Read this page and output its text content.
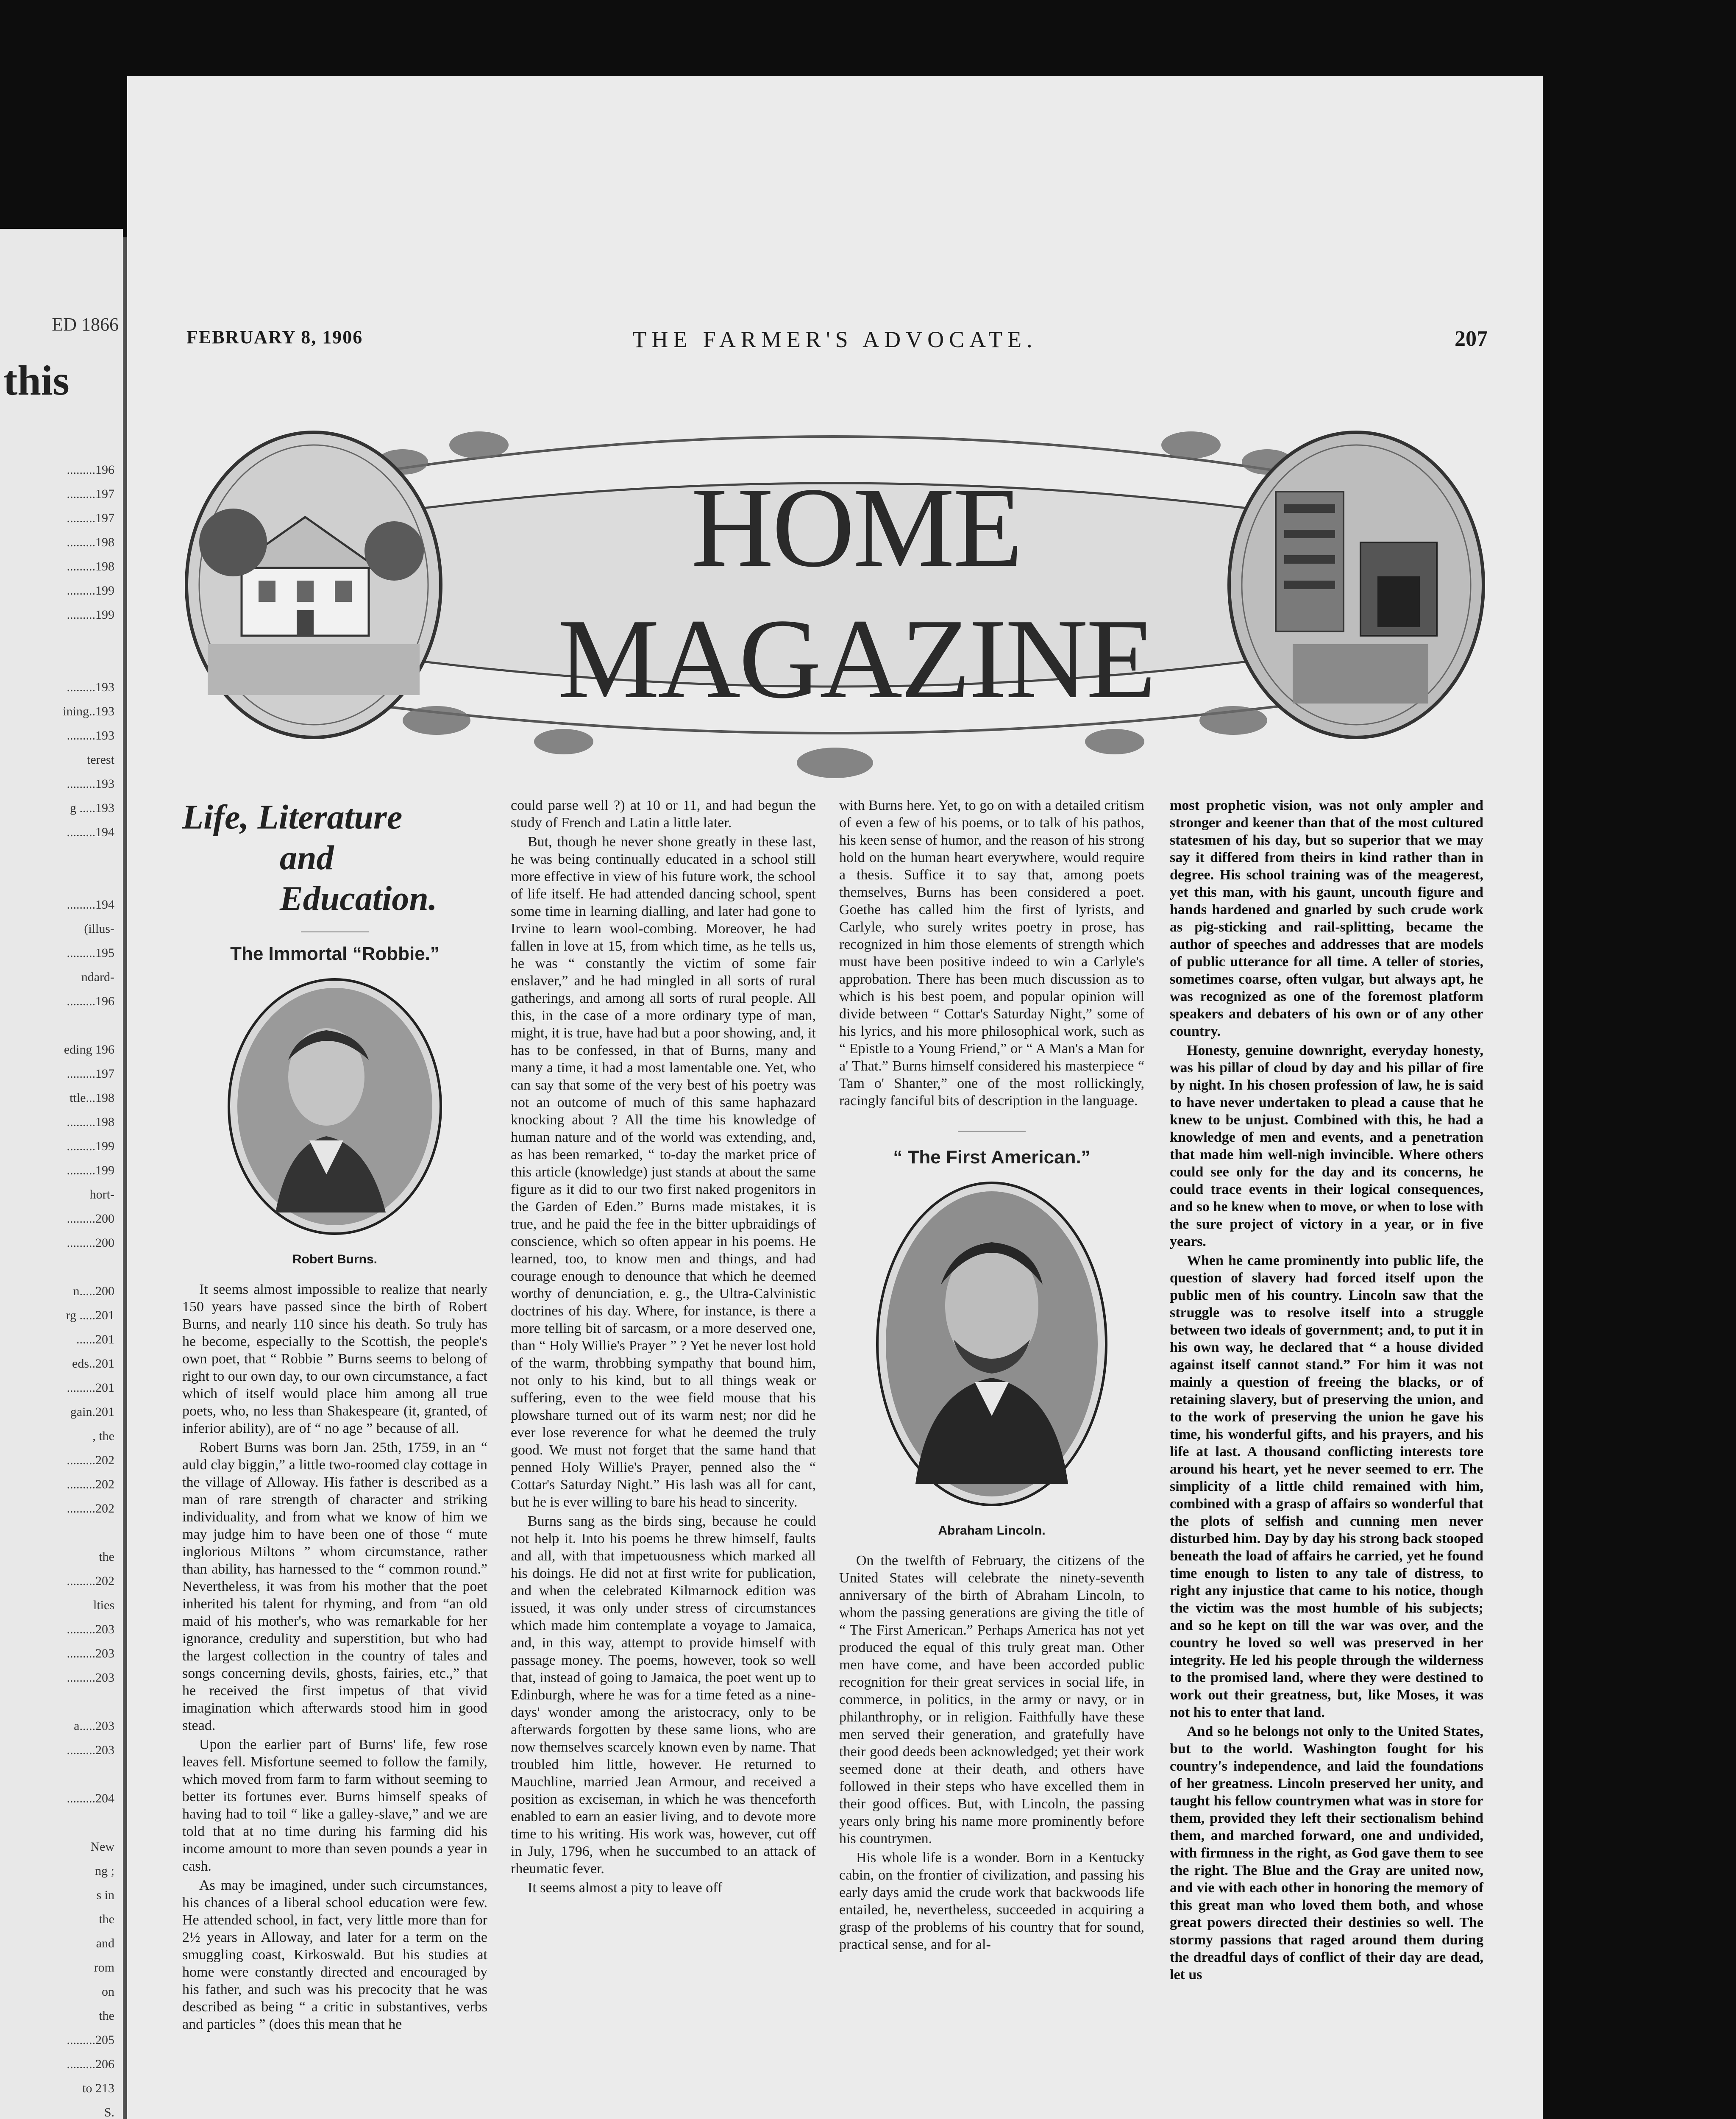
ED 1866
this
.........196
.........197
.........197
.........198
.........198
.........199
.........199

.........193
ining..193
.........193
terest
.........193
g .....193
.........194

.........194
(illus-
.........195
ndard-
.........196

eding 196
.........197
ttle...198
.........198
.........199
.........199
hort-
.........200
.........200

n.....200
rg .....201
......201
eds..201
.........201
gain.201
, the
.........202
.........202
.........202

the
.........202
lties
.........203
.........203
.........203

a.....203
.........203

.........204

New
ng ;
s in
the
and
rom
on
the
.........205
.........206
to 213
S.

FEBRUARY 8, 1906	THE FARMER'S ADVOCATE.	207
HOME MAGAZINE
Life, Literature
and Education.
The Immortal “Robbie.”
Robert Burns.

It seems almost impossible to realize that nearly 150 years have passed since the birth of Robert Burns, and nearly 110 since his death. So truly has he become, especially to the Scottish, the people's own poet, that “ Robbie ” Burns seems to belong of right to our own day, to our own circumstance, a fact which of itself would place him among all true poets, who, no less than Shakespeare (it, granted, of inferior ability), are of “ no age ” because of all.

Robert Burns was born Jan. 25th, 1759, in an “ auld clay biggin,” a little two-roomed clay cottage in the village of Alloway. His father is described as a man of rare strength of character and striking individuality, and from what we know of him we may judge him to have been one of those “ mute inglorious Miltons ” whom circumstance, rather than ability, has harnessed to the “ common round.” Nevertheless, it was from his mother that the poet inherited his talent for rhyming, and from “an old maid of his mother's, who was remarkable for her ignorance, credulity and superstition, but who had the largest collection in the country of tales and songs concerning devils, ghosts, fairies, etc.,” that he received the first impetus of that vivid imagination which afterwards stood him in good stead.

Upon the earlier part of Burns' life, few rose leaves fell. Misfortune seemed to follow the family, which moved from farm to farm without seeming to better its fortunes ever. Burns himself speaks of having had to toil “ like a galley-slave,” and we are told that at no time during his farming did his income amount to more than seven pounds a year in cash.

As may be imagined, under such circumstances, his chances of a liberal school education were few. He attended school, in fact, very little more than for 2½ years in Alloway, and later for a term on the smuggling coast, Kirkoswald. But his studies at home were constantly directed and encouraged by his father, and such was his precocity that he was described as being “ a critic in substantives, verbs and particles ” (does this mean that he

could parse well ?) at 10 or 11, and had begun the study of French and Latin a little later.

But, though he never shone greatly in these last, he was being continually educated in a school still more effective in view of his future work, the school of life itself. He had attended dancing school, spent some time in learning dialling, and later had gone to Irvine to learn wool-combing. Moreover, he had fallen in love at 15, from which time, as he tells us, he was “ constantly the victim of some fair enslaver,” and he had mingled in all sorts of rural gatherings, and among all sorts of rural people. All this, in the case of a more ordinary type of man, might, it is true, have had but a poor showing, and, it has to be confessed, in that of Burns, many and many a time, it had a most lamentable one. Yet, who can say that some of the very best of his poetry was not an outcome of much of this same haphazard knocking about ? All the time his knowledge of human nature and of the world was extending, and, as has been remarked, “ to-day the market price of this article (knowledge) just stands at about the same figure as it did to our two first naked progenitors in the Garden of Eden.” Burns made mistakes, it is true, and he paid the fee in the bitter upbraidings of conscience, which so often appear in his poems. He learned, too, to know men and things, and had courage enough to denounce that which he deemed worthy of denunciation, e. g., the Ultra-Calvinistic doctrines of his day. Where, for instance, is there a more telling bit of sarcasm, or a more deserved one, than “ Holy Willie's Prayer ” ? Yet he never lost hold of the warm, throbbing sympathy that bound him, not only to his kind, but to all things weak or suffering, even to the wee field mouse that his plowshare turned out of its warm nest; nor did he ever lose reverence for what he deemed the truly good. We must not forget that the same hand that penned Holy Willie's Prayer, penned also the “ Cottar's Saturday Night.” His lash was all for cant, but he is ever willing to bare his head to sincerity.

Burns sang as the birds sing, because he could not help it. Into his poems he threw himself, faults and all, with that impetuousness which marked all his doings. He did not at first write for publication, and when the celebrated Kilmarnock edition was issued, it was only under stress of circumstances which made him contemplate a voyage to Jamaica, and, in this way, attempt to provide himself with passage money. The poems, however, took so well that, instead of going to Jamaica, the poet went up to Edinburgh, where he was for a time feted as a nine-days' wonder among the aristocracy, only to be afterwards forgotten by these same lions, who are now themselves scarcely known even by name. That troubled him little, however. He returned to Mauchline, married Jean Armour, and received a position as exciseman, in which he was thenceforth enabled to earn an easier living, and to devote more time to his writing. His work was, however, cut off in July, 1796, when he succumbed to an attack of rheumatic fever.

It seems almost a pity to leave off

with Burns here. Yet, to go on with a detailed critism of even a few of his poems, or to talk of his pathos, his keen sense of humor, and the reason of his strong hold on the human heart everywhere, would require a thesis. Suffice it to say that, among poets themselves, Burns has been considered a poet. Goethe has called him the first of lyrists, and Carlyle, who surely writes poetry in prose, has recognized in him those elements of strength which must have been positive indeed to win a Carlyle's approbation. There has been much discussion as to which is his best poem, and popular opinion will divide between “ Cottar's Saturday Night,” some of his lyrics, and his more philosophical work, such as “ Epistle to a Young Friend,” or “ A Man's a Man for a' That.” Burns himself considered his masterpiece “ Tam o' Shanter,” one of the most rollickingly, racingly fanciful bits of description in the language.

“ The First American.”
Abraham Lincoln.

On the twelfth of February, the citizens of the United States will celebrate the ninety-seventh anniversary of the birth of Abraham Lincoln, to whom the passing generations are giving the title of “ The First American.” Perhaps America has not yet produced the equal of this truly great man. Other men have come, and have been accorded public recognition for their great services in social life, in commerce, in politics, in the army or navy, or in philanthrophy, or in religion. Faithfully have these men served their generation, and gratefully have their good deeds been acknowledged; yet their work seemed done at their death, and others have followed in their steps who have excelled them in their good offices. But, with Lincoln, the passing years only bring his name more prominently before his countrymen.

His whole life is a wonder. Born in a Kentucky cabin, on the frontier of civilization, and passing his early days amid the crude work that backwoods life entailed, he, nevertheless, succeeded in acquiring a grasp of the problems of his country that for sound, practical sense, and for al-

most prophetic vision, was not only ampler and stronger and keener than that of the most cultured statesmen of his day, but so superior that we may say it differed from theirs in kind rather than in degree. His school training was of the meagerest, yet this man, with his gaunt, uncouth figure and hands hardened and gnarled by such crude work as pig-sticking and rail-splitting, became the author of speeches and addresses that are models of public utterance for all time. A teller of stories, sometimes coarse, often vulgar, but always apt, he was recognized as one of the foremost platform speakers and debaters of his own or of any other country.

Honesty, genuine downright, everyday honesty, was his pillar of cloud by day and his pillar of fire by night. In his chosen profession of law, he is said to have never undertaken to plead a cause that he knew to be unjust. Combined with this, he had a knowledge of men and events, and a penetration that made him well-nigh invincible. Where others could see only for the day and its concerns, he could trace events in their logical consequences, and so he knew when to move, or when to lose with the sure project of victory in a year, or in five years.

When he came prominently into public life, the question of slavery had forced itself upon the public men of his country. Lincoln saw that the struggle was to resolve itself into a struggle between two ideals of government; and, to put it in his own way, he declared that “ a house divided against itself cannot stand.” For him it was not mainly a question of freeing the blacks, or of retaining slavery, but of preserving the union, and to the work of preserving the union he gave his time, his wonderful gifts, and his prayers, and his life at last. A thousand conflicting interests tore around his heart, yet he never seemed to err. The simplicity of a little child remained with him, combined with a grasp of affairs so wonderful that the plots of selfish and cunning men never disturbed him. Day by day his strong back stooped beneath the load of affairs he carried, yet he found time enough to listen to any tale of distress, to right any injustice that came to his notice, though the victim was the most humble of his subjects; and so he kept on till the war was over, and the country he loved so well was preserved in her integrity. He led his people through the wilderness to the promised land, where they were destined to work out their greatness, but, like Moses, it was not his to enter that land.

And so he belongs not only to the United States, but to the world. Washington fought for his country's independence, and laid the foundations of her greatness. Lincoln preserved her unity, and taught his fellow countrymen what was in store for them, provided they left their sectionalism behind them, and marched forward, one and undivided, with firmness in the right, as God gave them to see the right. The Blue and the Gray are united now, and vie with each other in honoring the memory of this great man who loved them both, and whose great powers directed their destinies so well. The stormy passions that raged around them during the dreadful days of conflict of their day are dead, let us
